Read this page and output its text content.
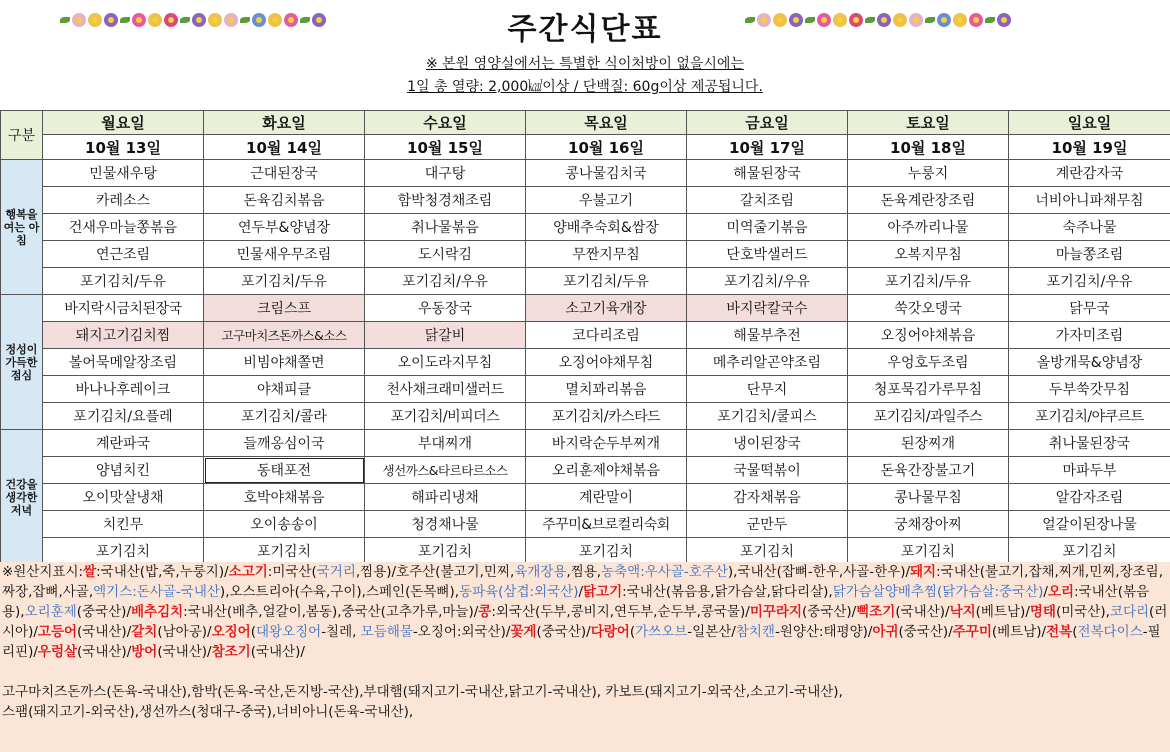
주간식단표
※ 본원 영양실에서는 특별한 식이처방이 없을시에는
1일 총 열량: 2,000㎉이상 / 단백질: 60g이상 제공됩니다.
구분	월요일	화요일	수요일	목요일	금요일	토요일	일요일
	10월 13일	10월 14일	10월 15일	10월 16일	10월 17일	10월 18일	10월 19일
행복을 여는 아침	민물새우탕	근대된장국	대구탕	콩나물김치국	해물된장국	누룽지	계란감자국
	카레소스	돈육김치볶음	함박청경채조림	우불고기	갈치조림	돈육계란장조림	너비아니파채무침
	건새우마늘쫑볶음	연두부&양념장	취나물볶음	양배추숙회&쌈장	미역줄기볶음	아주까리나물	숙주나물
	연근조림	민물새우무조림	도시락김	무짠지무침	단호박샐러드	오복지무침	마늘쫑조림
	포기김치/두유	포기김치/두유	포기김치/우유	포기김치/두유	포기김치/우유	포기김치/두유	포기김치/우유
정성이 가득한 점심	바지락시금치된장국	크림스프	우동장국	소고기육개장	바지락칼국수	쑥갓오뎅국	닭무국
	돼지고기김치찜	고구마치즈돈까스&소스	닭갈비	코다리조림	해물부추전	오징어야채볶음	가자미조림
	볼어묵메알장조림	비빔야채쫄면	오이도라지무침	오징어야채무침	메추리알곤약조림	우엉호두조림	올방개묵&양념장
	바나나후레이크	야채피클	천사채크래미샐러드	멸치꽈리볶음	단무지	청포묵김가루무침	두부쑥갓무침
	포기김치/요플레	포기김치/콜라	포기김치/비피더스	포기김치/카스타드	포기김치/쿨피스	포기김치/과일주스	포기김치/야쿠르트
건강을 생각한 저녁	계란파국	들깨옹심이국	부대찌개	바지락순두부찌개	냉이된장국	된장찌개	취나물된장국
	양념치킨	동태포전	생선까스&타르타르소스	오리훈제야채볶음	국물떡볶이	돈육간장불고기	마파두부
	오이맛살냉채	호박야채볶음	해파리냉채	계란말이	감자채볶음	콩나물무침	알감자조림
	치킨무	오이송송이	청경채나물	주꾸미&브로컬리숙회	군만두	궁채장아찌	얼갈이된장나물
	포기김치	포기김치	포기김치	포기김치	포기김치	포기김치	포기김치

※원산지표시:쌀:국내산(밥,죽,누룽지)/소고기:미국산(국거리,찜용)/호주산(불고기,민찌,육개장용,찜용,농축액:우사골-호주산),국내산(잡뼈-한우,사골-한우)/돼지:국내산(불고기,잡채,찌개,민찌,장조림,짜장,잡뼈,사골,엑기스:돈사골-국내산),오스트리아(수육,구이),스페인(돈목뼈),동파육(삼겹:외국산)/닭고기:국내산(볶음용,닭가슴살,닭다리살),닭가슴살양배추찜(닭가슴살:중국산)/오리:국내산(볶음용),오리훈제(중국산)/배추김치:국내산(배추,얼갈이,봄동),중국산(고추가루,마늘)/콩:외국산(두부,콩비지,연두부,순두부,콩국물)/미꾸라지(중국산)/뻑조기(국내산)/낙지(베트남)/명태(미국산),코다리(러시아)/고등어(국내산)/갈치(남아공)/오징어(대왕오징어-칠레, 모듬해물-오징어:외국산)/꽃게(중국산)/다랑어(가쓰오브-일본산/참치캔-원양산:태평양)/아귀(중국산)/주꾸미(베트남)/전복(전복다이스-필리핀)/우렁살(국내산)/방어(국내산)/참조기(국내산)/

고구마치즈돈까스(돈육-국내산),함박(돈육-국산,돈지방-국산),부대햄(돼지고기-국내산,닭고기-국내산), 카보트(돼지고기-외국산,소고기-국내산),

스팸(돼지고기-외국산),생선까스(청대구-중국),너비아니(돈육-국내산),
